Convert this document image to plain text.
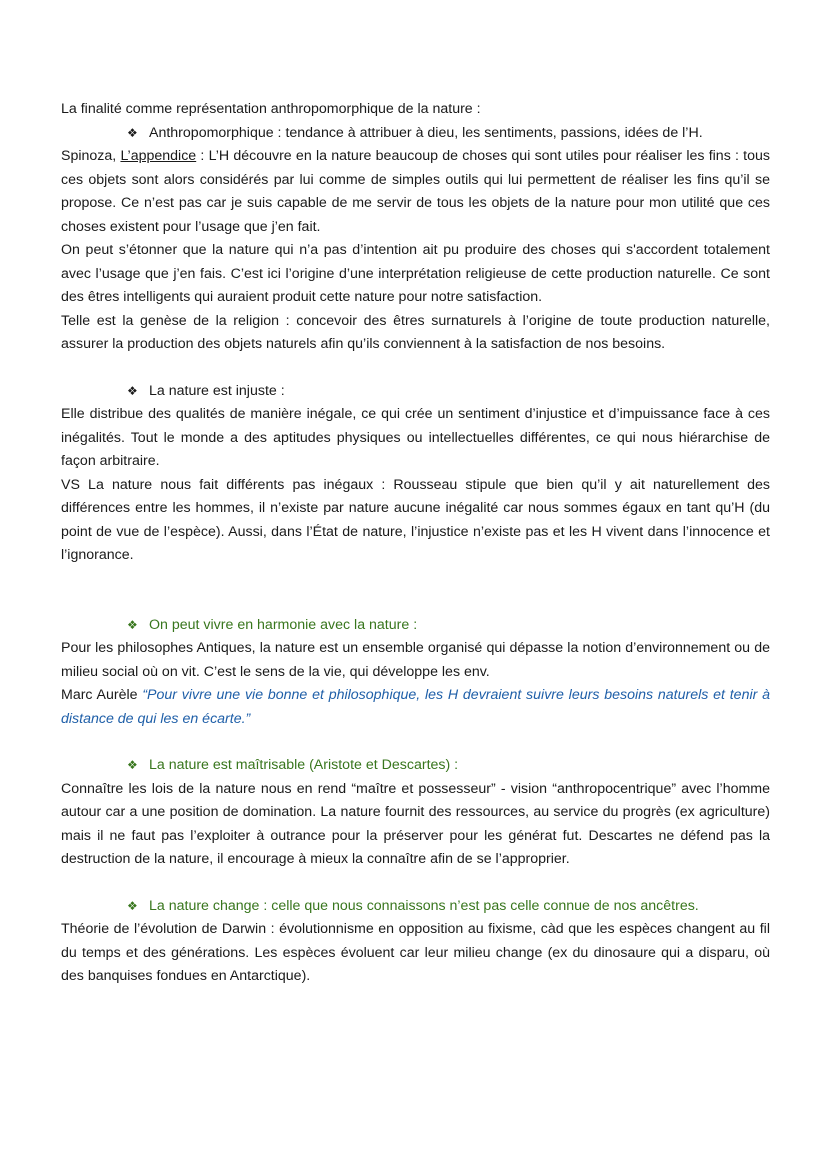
La finalité comme représentation anthropomorphique de la nature :

❖ Anthropomorphique : tendance à attribuer à dieu, les sentiments, passions, idées de l’H.

Spinoza, L’appendice : L’H découvre en la nature beaucoup de choses qui sont utiles pour réaliser les fins : tous ces objets sont alors considérés par lui comme de simples outils qui lui permettent de réaliser les fins qu’il se propose. Ce n’est pas car je suis capable de me servir de tous les objets de la nature pour mon utilité que ces choses existent pour l’usage que j’en fait.

On peut s’étonner que la nature qui n’a pas d’intention ait pu produire des choses qui s'accordent totalement avec l’usage que j’en fais. C’est ici l’origine d’une interprétation religieuse de cette production naturelle. Ce sont des êtres intelligents qui auraient produit cette nature pour notre satisfaction.

Telle est la genèse de la religion : concevoir des êtres surnaturels à l’origine de toute production naturelle, assurer la production des objets naturels afin qu’ils conviennent à la satisfaction de nos besoins.

❖ La nature est injuste :

Elle distribue des qualités de manière inégale, ce qui crée un sentiment d’injustice et d’impuissance face à ces inégalités. Tout le monde a des aptitudes physiques ou intellectuelles différentes, ce qui nous hiérarchise de façon arbitraire.

VS La nature nous fait différents pas inégaux : Rousseau stipule que bien qu’il y ait naturellement des différences entre les hommes, il n’existe par nature aucune inégalité car nous sommes égaux en tant qu’H (du point de vue de l’espèce). Aussi, dans l’État de nature, l’injustice n’existe pas et les H vivent dans l’innocence et l’ignorance.

❖ On peut vivre en harmonie avec la nature :

Pour les philosophes Antiques, la nature est un ensemble organisé qui dépasse la notion d’environnement ou de milieu social où on vit. C’est le sens de la vie, qui développe les env.

Marc Aurèle “Pour vivre une vie bonne et philosophique, les H devraient suivre leurs besoins naturels et tenir à distance de qui les en écarte.”

❖ La nature est maîtrisable (Aristote et Descartes) :

Connaître les lois de la nature nous en rend “maître et possesseur” - vision “anthropocentrique” avec l’homme autour car a une position de domination. La nature fournit des ressources, au service du progrès (ex agriculture) mais il ne faut pas l’exploiter à outrance pour la préserver pour les générat fut. Descartes ne défend pas la destruction de la nature, il encourage à mieux la connaître afin de se l’approprier.

❖ La nature change : celle que nous connaissons n’est pas celle connue de nos ancêtres.

Théorie de l’évolution de Darwin : évolutionnisme en opposition au fixisme, càd que les espèces changent au fil du temps et des générations. Les espèces évoluent car leur milieu change (ex du dinosaure qui a disparu, où des banquises fondues en Antarctique).
